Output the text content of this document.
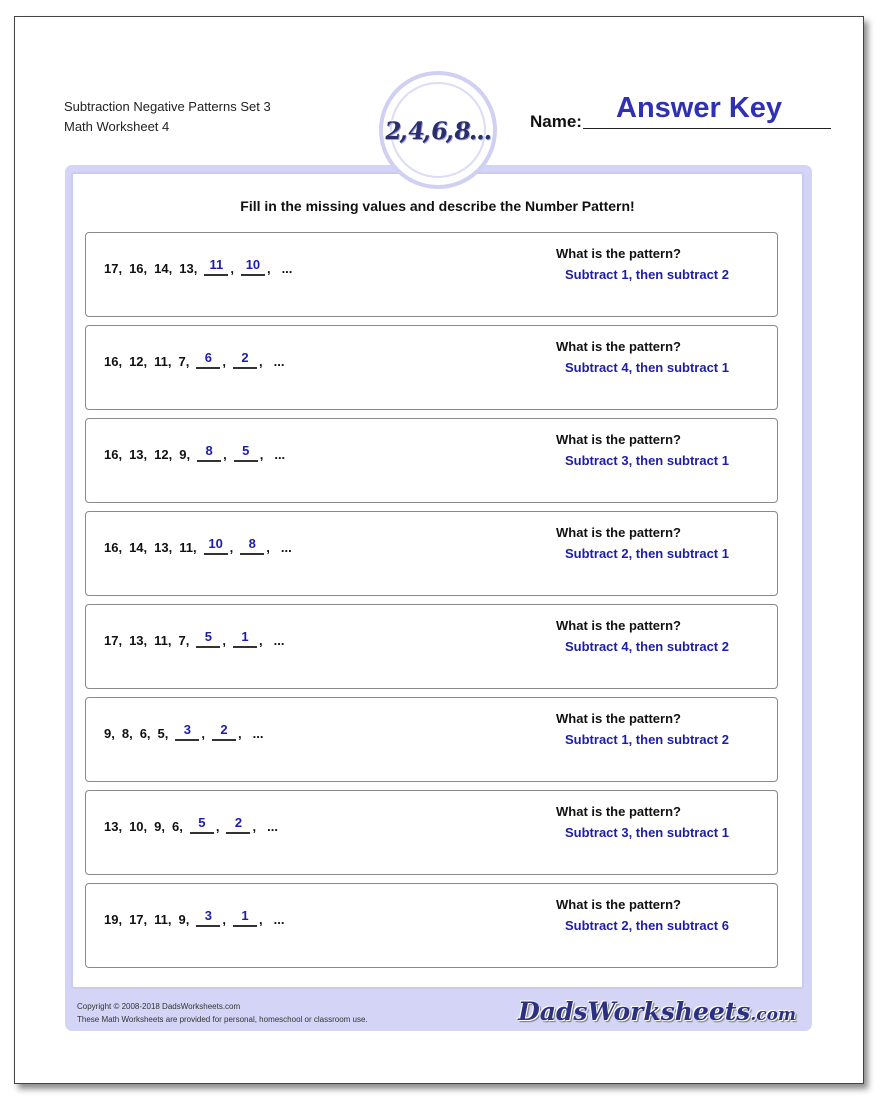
Subtraction Negative Patterns Set 3
Math Worksheet 4	2,4,6,8... Name: Answer Key
Fill in the missing values and describe the Number Pattern!
17, 16, 14, 13, 11 , 10 , ...
What is the pattern?
Subtract 1, then subtract 2
16, 12, 11, 7,	6 ,	2 , ...
What is the pattern?
Subtract 4, then subtract 1
16, 13, 12, 9,	8 ,	5 , ...
What is the pattern?
Subtract 3, then subtract 1
16, 14, 13, 11, 10 ,	8 , ...
What is the pattern?
Subtract 2, then subtract 1
17, 13, 11, 7,	5 ,	1 , ...
What is the pattern?
Subtract 4, then subtract 2
9, 8, 6, 5,	3 ,	2 , ...
What is the pattern?
Subtract 1, then subtract 2
13, 10, 9, 6,	5 ,	2 , ...
What is the pattern?
Subtract 3, then subtract 1
19, 17, 11, 9,	3 ,	1 , ...
What is the pattern?
Subtract 2, then subtract 6
Copyright © 2008-2018 DadsWorksheets.com
These Math Worksheets are provided for personal, homeschool or classroom use.	DadsWorksheets.com
